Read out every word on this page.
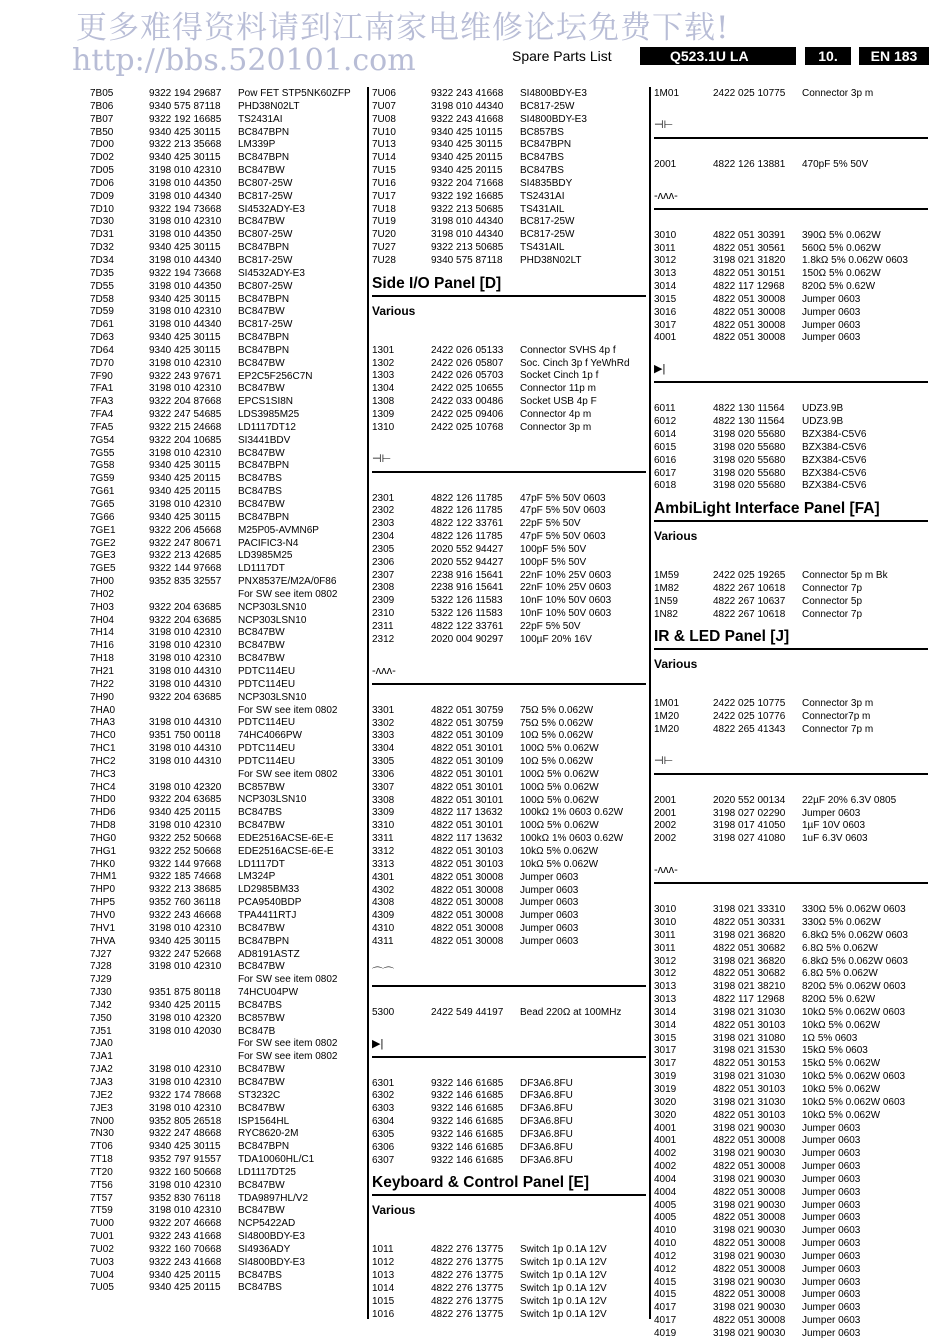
更多难得资料请到江南家电维修论坛免费下载!
http://bbs.520101.com	Spare Parts List	Q523.1U LA	10.	EN 183
7B05	9322 194 29687	Pow FET STP5NK60ZFP
7B06	9340 575 87118	PHD38N02LT
7B07	9322 192 16685	TS2431AI
7B50	9340 425 30115	BC847BPN
7D00	9322 213 35668	LM339P
7D02	9340 425 30115	BC847BPN
7D05	3198 010 42310	BC847BW
7D06	3198 010 44350	BC807-25W
7D09	3198 010 44340	BC817-25W
7D10	9322 194 73668	SI4532ADY-E3
7D30	3198 010 42310	BC847BW
7D31	3198 010 44350	BC807-25W
7D32	9340 425 30115	BC847BPN
7D34	3198 010 44340	BC817-25W
7D35	9322 194 73668	SI4532ADY-E3
7D55	3198 010 44350	BC807-25W
7D58	9340 425 30115	BC847BPN
7D59	3198 010 42310	BC847BW
7D61	3198 010 44340	BC817-25W
7D63	9340 425 30115	BC847BPN
7D64	9340 425 30115	BC847BPN
7D70	3198 010 42310	BC847BW
7F90	9322 243 97671	EP2C5F256C7N
7FA1	3198 010 42310	BC847BW
7FA3	9322 204 87668	EPCS1SI8N
7FA4	9322 247 54685	LDS3985M25
7FA5	9322 215 24668	LD1117DT12
7G54	9322 204 10685	SI3441BDV
7G55	3198 010 42310	BC847BW
7G58	9340 425 30115	BC847BPN
7G59	9340 425 20115	BC847BS
7G61	9340 425 20115	BC847BS
7G65	3198 010 42310	BC847BW
7G66	9340 425 30115	BC847BPN
7GE1	9322 206 45668	M25P05-AVMN6P
7GE2	9322 247 80671	PACIFIC3-N4
7GE3	9322 213 42685	LD3985M25
7GE5	9322 144 97668	LD1117DT
7H00	9352 835 32557	PNX8537E/M2A/0F86
7H02	For SW see item 0802
7H03	9322 204 63685	NCP303LSN10
7H04	9322 204 63685	NCP303LSN10
7H14	3198 010 42310	BC847BW
7H16	3198 010 42310	BC847BW
7H18	3198 010 42310	BC847BW
7H21	3198 010 44310	PDTC114EU
7H22	3198 010 44310	PDTC114EU
7H90	9322 204 63685	NCP303LSN10
7HA0	For SW see item 0802
7HA3	3198 010 44310	PDTC114EU
7HC0	9351 750 00118	74HC4066PW
7HC1	3198 010 44310	PDTC114EU
7HC2	3198 010 44310	PDTC114EU
7HC3	For SW see item 0802
7HC4	3198 010 42320	BC857BW
7HD0	9322 204 63685	NCP303LSN10
7HD6	9340 425 20115	BC847BS
7HD8	3198 010 42310	BC847BW
7HG0	9322 252 50668	EDE2516ACSE-6E-E
7HG1	9322 252 50668	EDE2516ACSE-6E-E
7HK0	9322 144 97668	LD1117DT
7HM1	9322 185 74668	LM324P
7HP0	9322 213 38685	LD2985BM33
7HP5	9352 760 36118	PCA9540BDP
7HV0	9322 243 46668	TPA4411RTJ
7HV1	3198 010 42310	BC847BW
7HVA	9340 425 30115	BC847BPN
7J27	9322 247 52668	AD8191ASTZ
7J28	3198 010 42310	BC847BW
7J29	For SW see item 0802
7J30	9351 875 80118	74HCU04PW
7J42	9340 425 20115	BC847BS
7J50	3198 010 42320	BC857BW
7J51	3198 010 42030	BC847B
7JA0	For SW see item 0802
7JA1	For SW see item 0802
7JA2	3198 010 42310	BC847BW
7JA3	3198 010 42310	BC847BW
7JE2	9322 174 78668	ST3232C
7JE3	3198 010 42310	BC847BW
7N00	9352 805 26518	ISP1564HL
7N30	9322 247 48668	RYC8620-2M
7T06	9340 425 30115	BC847BPN
7T18	9352 797 91557	TDA10060HL/C1
7T20	9322 160 50668	LD1117DT25
7T56	3198 010 42310	BC847BW
7T57	9352 830 76118	TDA9897HL/V2
7T59	3198 010 42310	BC847BW
7U00	9322 207 46668	NCP5422AD
7U01	9322 243 41668	SI4800BDY-E3
7U02	9322 160 70668	SI4936ADY
7U03	9322 243 41668	SI4800BDY-E3
7U04	9340 425 20115	BC847BS
7U05	9340 425 20115	BC847BS
7U06	9322 243 41668	SI4800BDY-E3
7U07	3198 010 44340	BC817-25W
7U08	9322 243 41668	SI4800BDY-E3
7U10	9340 425 10115	BC857BS
7U13	9340 425 30115	BC847BPN
7U14	9340 425 20115	BC847BS
7U15	9340 425 20115	BC847BS
7U16	9322 204 71668	SI4835BDY
7U17	9322 192 16685	TS2431AI
7U18	9322 213 50685	TS431AIL
7U19	3198 010 44340	BC817-25W
7U20	3198 010 44340	BC817-25W
7U27	9322 213 50685	TS431AIL
7U28	9340 575 87118	PHD38N02LT
Side I/O Panel [D]
Various
1301	2422 026 05133	Connector SVHS 4p f
1302	2422 026 05807	Soc. Cinch 3p f YeWhRd
1303	2422 026 05703	Socket Cinch 1p f
1304	2422 025 10655	Connector 11p m
1308	2422 033 00486	Socket USB 4p F
1309	2422 025 09406	Connector 4p m
1310	2422 025 10768	Connector 3p m
⊣⊢
2301	4822 126 11785	47pF 5% 50V 0603
2302	4822 126 11785	47pF 5% 50V 0603
2303	4822 122 33761	22pF 5% 50V
2304	4822 126 11785	47pF 5% 50V 0603
2305	2020 552 94427	100pF 5% 50V
2306	2020 552 94427	100pF 5% 50V
2307	2238 916 15641	22nF 10% 25V 0603
2308	2238 916 15641	22nF 10% 25V 0603
2309	5322 126 11583	10nF 10% 50V 0603
2310	5322 126 11583	10nF 10% 50V 0603
2311	4822 122 33761	22pF 5% 50V
2312	2020 004 90297	100µF 20% 16V
-ᴧᴧᴧ-
3301	4822 051 30759	75Ω 5% 0.062W
3302	4822 051 30759	75Ω 5% 0.062W
3303	4822 051 30109	10Ω 5% 0.062W
3304	4822 051 30101	100Ω 5% 0.062W
3305	4822 051 30109	10Ω 5% 0.062W
3306	4822 051 30101	100Ω 5% 0.062W
3307	4822 051 30101	100Ω 5% 0.062W
3308	4822 051 30101	100Ω 5% 0.062W
3309	4822 117 13632	100kΩ 1% 0603 0.62W
3310	4822 051 30101	100Ω 5% 0.062W
3311	4822 117 13632	100kΩ 1% 0603 0.62W
3312	4822 051 30103	10kΩ 5% 0.062W
3313	4822 051 30103	10kΩ 5% 0.062W
4301	4822 051 30008	Jumper 0603
4302	4822 051 30008	Jumper 0603
4308	4822 051 30008	Jumper 0603
4309	4822 051 30008	Jumper 0603
4310	4822 051 30008	Jumper 0603
4311	4822 051 30008	Jumper 0603
⌒⌒
5300	2422 549 44197	Bead 220Ω at 100MHz
▶|
6301	9322 146 61685	DF3A6.8FU
6302	9322 146 61685	DF3A6.8FU
6303	9322 146 61685	DF3A6.8FU
6304	9322 146 61685	DF3A6.8FU
6305	9322 146 61685	DF3A6.8FU
6306	9322 146 61685	DF3A6.8FU
6307	9322 146 61685	DF3A6.8FU
Keyboard & Control Panel [E]
Various
1011	4822 276 13775	Switch 1p 0.1A 12V
1012	4822 276 13775	Switch 1p 0.1A 12V
1013	4822 276 13775	Switch 1p 0.1A 12V
1014	4822 276 13775	Switch 1p 0.1A 12V
1015	4822 276 13775	Switch 1p 0.1A 12V
1016	4822 276 13775	Switch 1p 0.1A 12V
1M01	2422 025 10775	Connector 3p m
⊣⊢
2001	4822 126 13881	470pF 5% 50V
-ᴧᴧᴧ-
3010	4822 051 30391	390Ω 5% 0.062W
3011	4822 051 30561	560Ω 5% 0.062W
3012	3198 021 31820	1.8kΩ 5% 0.062W 0603
3013	4822 051 30151	150Ω 5% 0.062W
3014	4822 117 12968	820Ω 5% 0.62W
3015	4822 051 30008	Jumper 0603
3016	4822 051 30008	Jumper 0603
3017	4822 051 30008	Jumper 0603
4001	4822 051 30008	Jumper 0603
▶|
6011	4822 130 11564	UDZ3.9B
6012	4822 130 11564	UDZ3.9B
6014	3198 020 55680	BZX384-C5V6
6015	3198 020 55680	BZX384-C5V6
6016	3198 020 55680	BZX384-C5V6
6017	3198 020 55680	BZX384-C5V6
6018	3198 020 55680	BZX384-C5V6
AmbiLight Interface Panel [FA]
Various
1M59	2422 025 19265	Connector 5p m Bk
1M82	4822 267 10618	Connector 7p
1N59	4822 267 10637	Connector 5p
1N82	4822 267 10618	Connector 7p
IR & LED Panel [J]
Various
1M01	2422 025 10775	Connector 3p m
1M20	2422 025 10776	Connector7p m
1M20	4822 265 41343	Connector 7p m
⊣⊢
2001	2020 552 00134	22µF 20% 6.3V 0805
2001	3198 027 02290	Jumper 0603
2002	3198 017 41050	1µF 10V 0603
2002	3198 027 41080	1uF 6.3V 0603
-ᴧᴧᴧ-
3010	3198 021 33310	330Ω 5% 0.062W 0603
3010	4822 051 30331	330Ω 5% 0.062W
3011	3198 021 36820	6.8kΩ 5% 0.062W 0603
3011	4822 051 30682	6.8Ω 5% 0.062W
3012	3198 021 36820	6.8kΩ 5% 0.062W 0603
3012	4822 051 30682	6.8Ω 5% 0.062W
3013	3198 021 38210	820Ω 5% 0.062W 0603
3013	4822 117 12968	820Ω 5% 0.62W
3014	3198 021 31030	10kΩ 5% 0.062W 0603
3014	4822 051 30103	10kΩ 5% 0.062W
3015	3198 021 31080	1Ω 5% 0603
3017	3198 021 31530	15kΩ 5% 0603
3017	4822 051 30153	15kΩ 5% 0.062W
3019	3198 021 31030	10kΩ 5% 0.062W 0603
3019	4822 051 30103	10kΩ 5% 0.062W
3020	3198 021 31030	10kΩ 5% 0.062W 0603
3020	4822 051 30103	10kΩ 5% 0.062W
4001	3198 021 90030	Jumper 0603
4001	4822 051 30008	Jumper 0603
4002	3198 021 90030	Jumper 0603
4002	4822 051 30008	Jumper 0603
4004	3198 021 90030	Jumper 0603
4004	4822 051 30008	Jumper 0603
4005	3198 021 90030	Jumper 0603
4005	4822 051 30008	Jumper 0603
4010	3198 021 90030	Jumper 0603
4010	4822 051 30008	Jumper 0603
4012	3198 021 90030	Jumper 0603
4012	4822 051 30008	Jumper 0603
4015	3198 021 90030	Jumper 0603
4015	4822 051 30008	Jumper 0603
4017	3198 021 90030	Jumper 0603
4017	4822 051 30008	Jumper 0603
4019	3198 021 90030	Jumper 0603
